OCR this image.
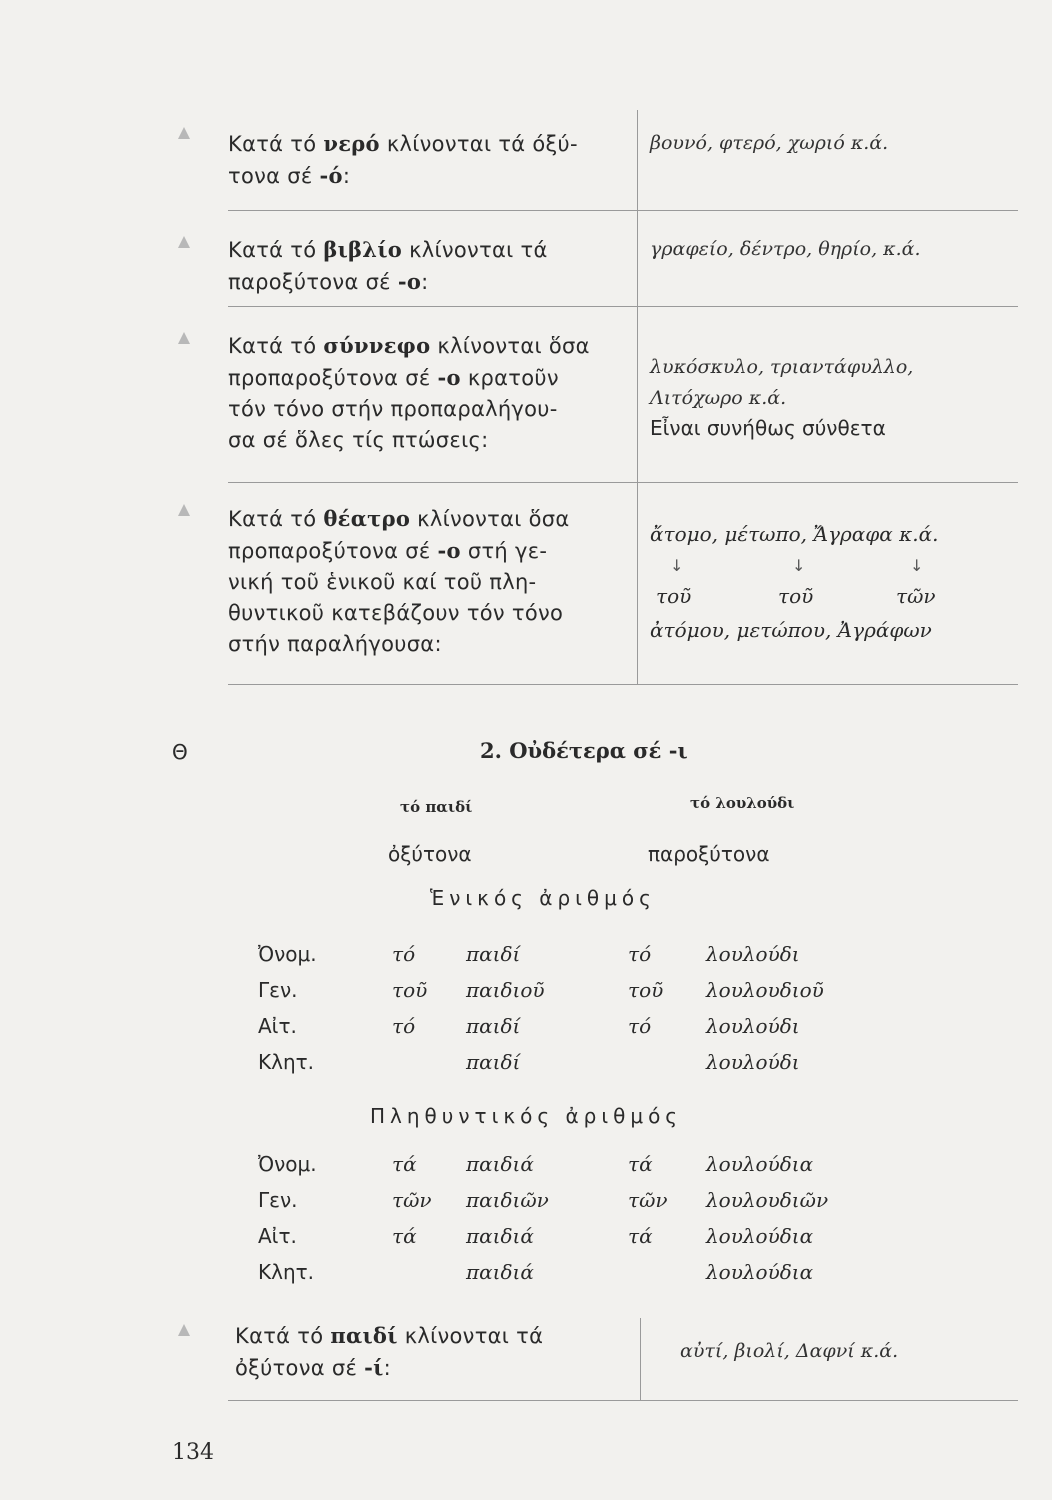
Κατά τό νερό κλίνονται τά όξύ-
τονα σέ -ό:
βουνό, φτερό, χωριό κ.ά.
Κατά τό βιβλίο κλίνονται τά
παροξύτονα σέ -ο:
γραφείο, δέντρο, θηρίο, κ.ά.
Κατά τό σύννεφο κλίνονται ὅσα
προπαροξύτονα σέ -ο κρατοῦν
τόν τόνο στήν προπαραλήγου-
σα σέ ὅλες τίς πτώσεις:
λυκόσκυλο, τριαντάφυλλο,
Λιτόχωρο κ.ά.
Εἶναι συνήθως σύνθετα
Κατά τό θέατρο κλίνονται ὅσα
προπαροξύτονα σέ -ο στή γε-
νική τοῦ ἑνικοῦ καί τοῦ πλη-
θυντικοῦ κατεβάζουν τόν τόνο
στήν παραλήγουσα:
ἄτομο, μέτωπο, Ἄγραφα κ.ά.
↓	↓	↓
τοῦ	τοῦ	τῶν
ἀτόμου, μετώπου, Ἀγράφων
Θ	2. Οὐδέτερα σέ -ι
τό παιδί	τό λουλούδι
ὀξύτονα	παροξύτονα
Ἑνικός ἀριθμός
Ὀνομ.	τό	παιδί	τό	λουλούδι
Γεν.	τοῦ παιδιοῦ	τοῦ λουλουδιοῦ
Αἰτ.	τό	παιδί	τό	λουλούδι
Κλητ.	παιδί	λουλούδι
Πληθυντικός ἀριθμός
Ὀνομ.	τά παιδιά	τά	λουλούδια
Γεν.	τῶν παιδιῶν	τῶν λουλουδιῶν
Αἰτ.	τά παιδιά	τά	λουλούδια
Κλητ.	παιδιά	λουλούδια
Κατά τό παιδί κλίνονται τά
ὀξύτονα σέ -ί:
αὐτί, βιολί, Δαφνί κ.ά.
134
